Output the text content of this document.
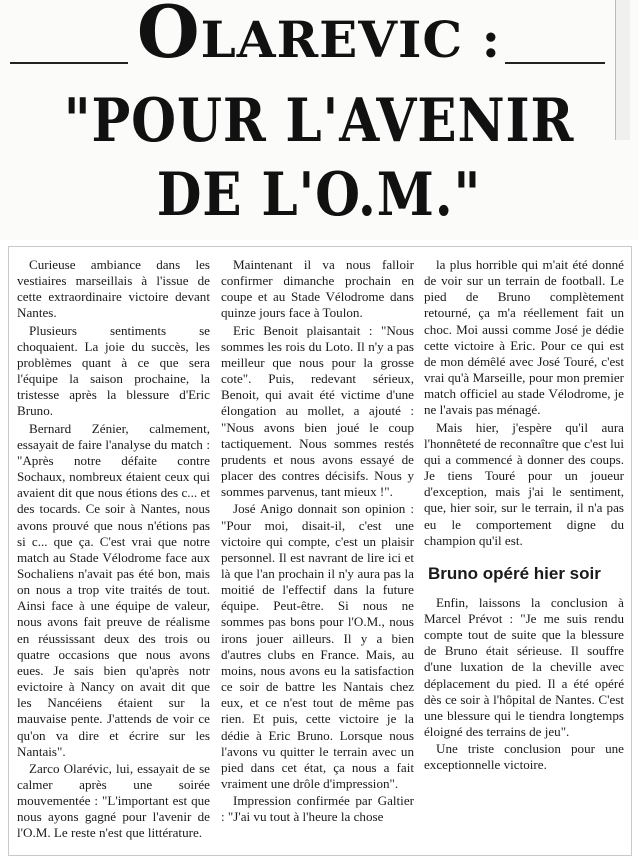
OLAREVIC :
"POUR L'AVENIR
DE L'O.M."

Curieuse ambiance dans les vestiaires marseillais à l'issue de cette extraordinaire victoire devant Nantes.

Plusieurs sentiments se choquaient. La joie du succès, les problèmes quant à ce que sera l'équipe la saison prochaine, la tristesse après la blessure d'Eric Bruno.

Bernard Zénier, calmement, essayait de faire l'analyse du match : "Après notre défaite contre Sochaux, nombreux étaient ceux qui avaient dit que nous étions des c... et des tocards. Ce soir à Nantes, nous avons prouvé que nous n'étions pas si c... que ça. C'est vrai que notre match au Stade Vélodrome face aux Sochaliens n'avait pas été bon, mais on nous a trop vite traités de tout. Ainsi face à une équipe de valeur, nous avons fait preuve de réalisme en réussissant deux des trois ou quatre occasions que nous avons eues. Je sais bien qu'après notr evictoire à Nancy on avait dit que les Nancéiens étaient sur la mauvaise pente. J'attends de voir ce qu'on va dire et écrire sur les Nantais".

Zarco Olarévic, lui, essayait de se calmer après une soirée mouvementée : "L'important est que nous ayons gagné pour l'avenir de l'O.M. Le reste n'est que littérature.

Maintenant il va nous falloir confirmer dimanche prochain en coupe et au Stade Vélodrome dans quinze jours face à Toulon.

Eric Benoit plaisantait : "Nous sommes les rois du Loto. Il n'y a pas meilleur que nous pour la grosse cote". Puis, redevant sérieux, Benoit, qui avait été victime d'une élongation au mollet, a ajouté : "Nous avons bien joué le coup tactiquement. Nous sommes restés prudents et nous avons essayé de placer des contres décisifs. Nous y sommes parvenus, tant mieux !".

José Anigo donnait son opinion : "Pour moi, disait-il, c'est une victoire qui compte, c'est un plaisir personnel. Il est navrant de lire ici et là que l'an prochain il n'y aura pas la moitié de l'effectif dans la future équipe. Peut-être. Si nous ne sommes pas bons pour l'O.M., nous irons jouer ailleurs. Il y a bien d'autres clubs en France. Mais, au moins, nous avons eu la satisfaction ce soir de battre les Nantais chez eux, et ce n'est tout de même pas rien. Et puis, cette victoire je la dédie à Eric Bruno. Lorsque nous l'avons vu quitter le terrain avec un pied dans cet état, ça nous a fait vraiment une drôle d'impression".

Impression confirmée par Galtier : "J'ai vu tout à l'heure la chose

la plus horrible qui m'ait été donné de voir sur un terrain de football. Le pied de Bruno complètement retourné, ça m'a réellement fait un choc. Moi aussi comme José je dédie cette victoire à Eric. Pour ce qui est de mon démêlé avec José Touré, c'est vrai qu'à Marseille, pour mon premier match officiel au stade Vélodrome, je ne l'avais pas ménagé.

Mais hier, j'espère qu'il aura l'honnêteté de reconnaître que c'est lui qui a commencé à donner des coups. Je tiens Touré pour un joueur d'exception, mais j'ai le sentiment, que, hier soir, sur le terrain, il n'a pas eu le comportement digne du champion qu'il est.

Bruno opéré hier soir

Enfin, laissons la conclusion à Marcel Prévot : "Je me suis rendu compte tout de suite que la blessure de Bruno était sérieuse. Il souffre d'une luxation de la cheville avec déplacement du pied. Il a été opéré dès ce soir à l'hôpital de Nantes. C'est une blessure qui le tiendra longtemps éloigné des terrains de jeu".

Une triste conclusion pour une exceptionnelle victoire.
